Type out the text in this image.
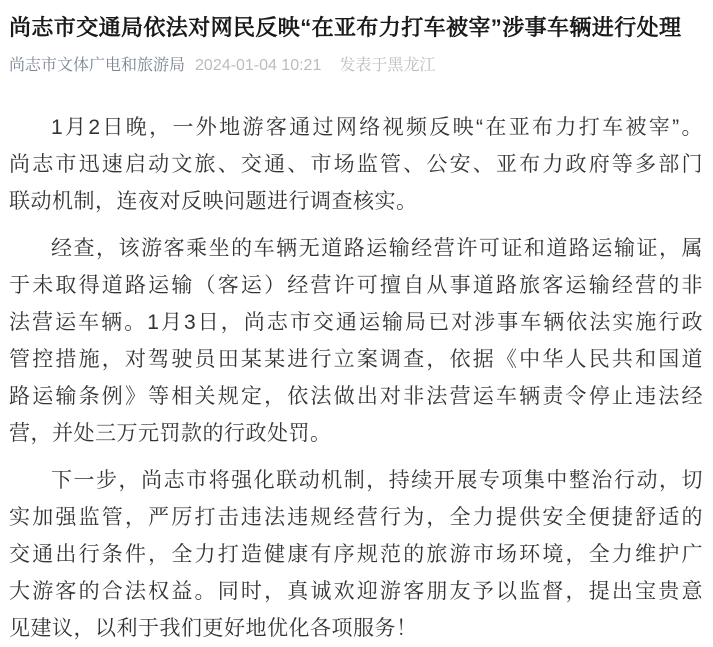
尚志市交通局依法对网民反映“在亚布力打车被宰”涉事车辆进行处理
尚志市文体广电和旅游局 2024-01-04 10:21 发表于黑龙江
1月2日晚，一外地游客通过网络视频反映“在亚布力打车被宰”。
尚志市迅速启动文旅、交通、市场监管、公安、亚布力政府等多部门
联动机制，连夜对反映问题进行调查核实。
经查，该游客乘坐的车辆无道路运输经营许可证和道路运输证，属
于未取得道路运输（客运）经营许可擅自从事道路旅客运输经营的非
法营运车辆。1月3日，尚志市交通运输局已对涉事车辆依法实施行政
管控措施，对驾驶员田某某进行立案调查，依据《中华人民共和国道
路运输条例》等相关规定，依法做出对非法营运车辆责令停止违法经
营，并处三万元罚款的行政处罚。
下一步，尚志市将强化联动机制，持续开展专项集中整治行动，切
实加强监管，严厉打击违法违规经营行为，全力提供安全便捷舒适的
交通出行条件，全力打造健康有序规范的旅游市场环境，全力维护广
大游客的合法权益。同时，真诚欢迎游客朋友予以监督，提出宝贵意
见建议，以利于我们更好地优化各项服务！
